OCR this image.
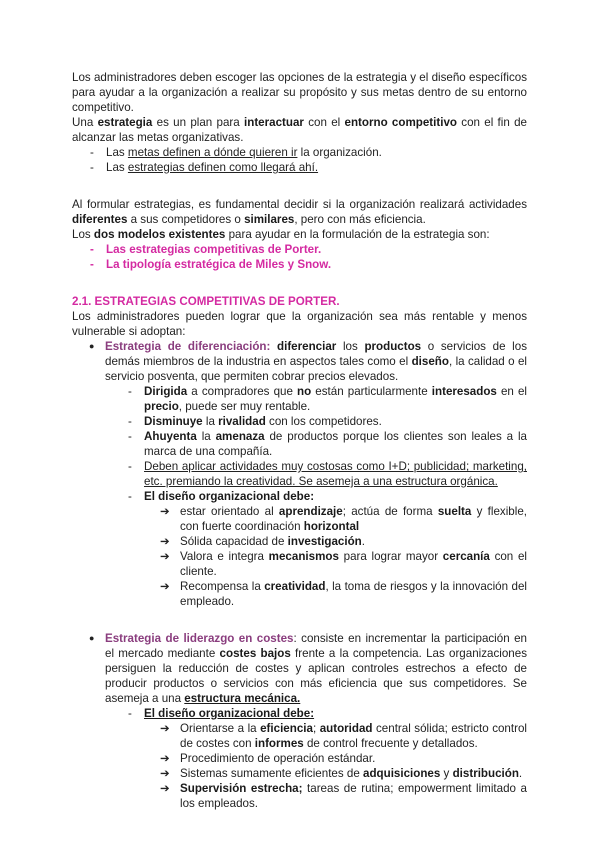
Los administradores deben escoger las opciones de la estrategia y el diseño específicos para ayudar a la organización a realizar su propósito y sus metas dentro de su entorno competitivo.

Una estrategia es un plan para interactuar con el entorno competitivo con el fin de alcanzar las metas organizativas.

- Las metas definen a dónde quieren ir la organización.
- Las estrategias definen como llegará ahí.

Al formular estrategias, es fundamental decidir si la organización realizará actividades diferentes a sus competidores o similares, pero con más eficiencia.

Los dos modelos existentes para ayudar en la formulación de la estrategia son:

- Las estrategias competitivas de Porter.
- La tipología estratégica de Miles y Snow.

2.1. ESTRATEGIAS COMPETITIVAS DE PORTER.

Los administradores pueden lograr que la organización sea más rentable y menos vulnerable si adoptan:

● Estrategia de diferenciación: diferenciar los productos o servicios de los demás miembros de la industria en aspectos tales como el diseño, la calidad o el servicio posventa, que permiten cobrar precios elevados.
- Dirigida a compradores que no están particularmente interesados en el precio, puede ser muy rentable.
- Disminuye la rivalidad con los competidores.
- Ahuyenta la amenaza de productos porque los clientes son leales a la marca de una compañía.
- Deben aplicar actividades muy costosas como I+D; publicidad; marketing, etc. premiando la creatividad. Se asemeja a una estructura orgánica.
- El diseño organizacional debe:
➔ estar orientado al aprendizaje; actúa de forma suelta y flexible, con fuerte coordinación horizontal
➔ Sólida capacidad de investigación.
➔ Valora e integra mecanismos para lograr mayor cercanía con el cliente.
➔ Recompensa la creatividad, la toma de riesgos y la innovación del empleado.
● Estrategia de liderazgo en costes: consiste en incrementar la participación en el mercado mediante costes bajos frente a la competencia. Las organizaciones persiguen la reducción de costes y aplican controles estrechos a efecto de producir productos o servicios con más eficiencia que sus competidores. Se asemeja a una estructura mecánica.
- El diseño organizacional debe:
➔ Orientarse a la eficiencia; autoridad central sólida; estricto control de costes con informes de control frecuente y detallados.
➔ Procedimiento de operación estándar.
➔ Sistemas sumamente eficientes de adquisiciones y distribución.
➔ Supervisión estrecha; tareas de rutina; empowerment limitado a los empleados.
